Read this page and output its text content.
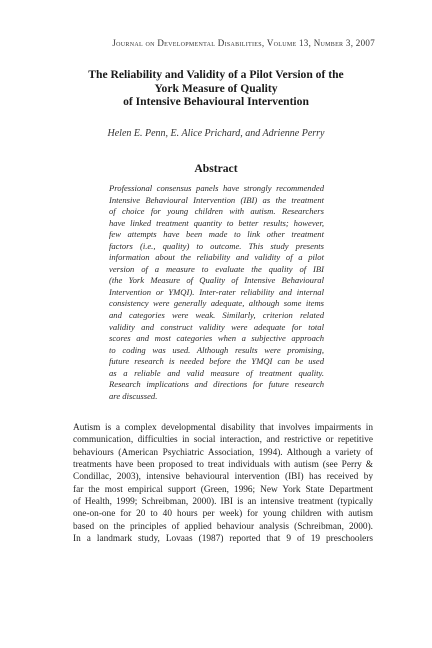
Journal on Developmental Disabilities, Volume 13, Number 3, 2007
The Reliability and Validity of a Pilot Version of the
York Measure of Quality
of Intensive Behavioural Intervention
Helen E. Penn, E. Alice Prichard, and Adrienne Perry
Abstract
Professional consensus panels have strongly recommended
Intensive Behavioural Intervention (IBI) as the treatment
of choice for young children with autism. Researchers
have linked treatment quantity to better results; however,
few attempts have been made to link other treatment
factors (i.e., quality) to outcome. This study presents
information about the reliability and validity of a pilot
version of a measure to evaluate the quality of IBI
(the York Measure of Quality of Intensive Behavioural
Intervention or YMQI). Inter-rater reliability and internal
consistency were generally adequate, although some items
and categories were weak. Similarly, criterion related
validity and construct validity were adequate for total
scores and most categories when a subjective approach
to coding was used. Although results were promising,
future research is needed before the YMQI can be used
as a reliable and valid measure of treatment quality.
Research implications and directions for future research
are discussed.
Autism is a complex developmental disability that involves impairments in
communication, difficulties in social interaction, and restrictive or repetitive
behaviours (American Psychiatric Association, 1994). Although a variety of
treatments have been proposed to treat individuals with autism (see Perry &
Condillac, 2003), intensive behavioural intervention (IBI) has received by
far the most empirical support (Green, 1996; New York State Department
of Health, 1999; Schreibman, 2000). IBI is an intensive treatment (typically
one-on-one for 20 to 40 hours per week) for young children with autism
based on the principles of applied behaviour analysis (Schreibman, 2000).
In a landmark study, Lovaas (1987) reported that 9 of 19 preschoolers
